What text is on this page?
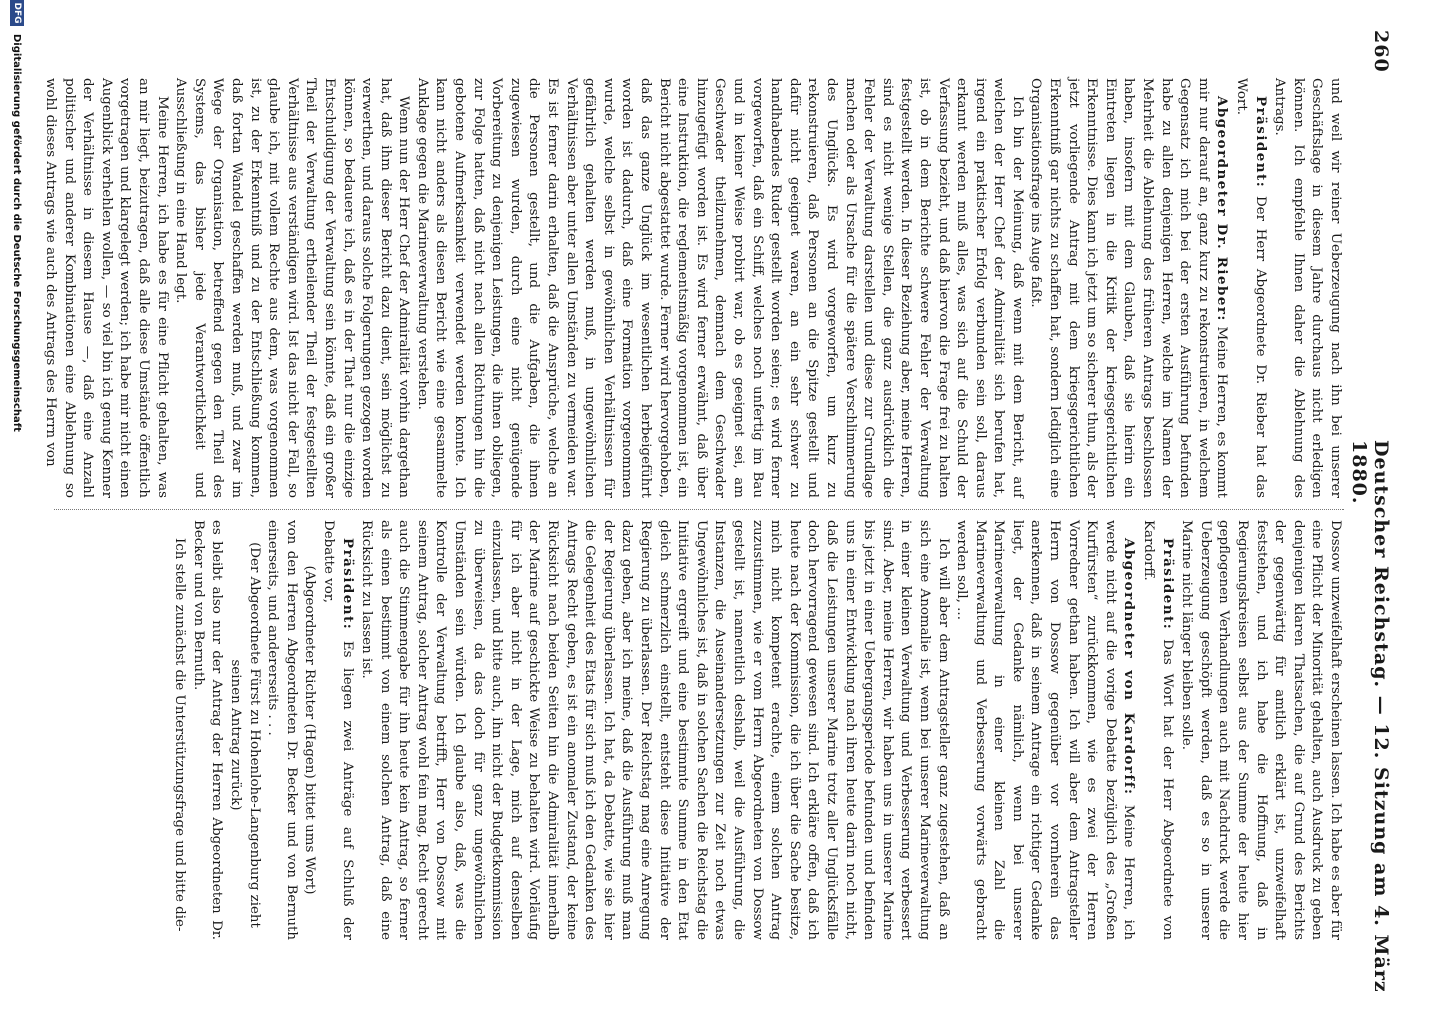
260
Deutscher Reichstag. — 12. Sitzung am 4. März 1880.

und weil wir reiner Ueberzeugung nach ihn bei unserer Geschäftslage in diesem Jahre durchaus nicht erledigen können. Ich empfehle Ihnen daher die Ablehnung des Antrags.

Präsident: Der Herr Abgeordnete Dr. Rieber hat das Wort.

Abgeordneter Dr. Rieber: Meine Herren, es kommt mir nur darauf an, ganz kurz zu rekonstruieren, in welchem Gegensatz ich mich bei der ersten Ausführung befunden habe zu allen denjenigen Herren, welche im Namen der Mehrheit die Ablehnung des früheren Antrags beschlossen haben, insofern mit dem Glauben, daß sie hierin ein Eintreten liegen in die Kritik der kriegsgerichtlichen Erkenntnisse. Dies kann ich jetzt um so sicherer thun, als der jetzt vorliegende Antrag mit dem kriegsgerichtlichen Erkenntniß gar nichts zu schaffen hat, sondern lediglich eine Organisationsfrage ins Auge faßt.

Ich bin der Meinung, daß wenn mit dem Bericht, auf welchen der Herr Chef der Admiralität sich berufen hat, irgend ein praktischer Erfolg verbunden sein soll, daraus erkannt werden muß alles, was sich auf die Schuld der Verfassung bezieht, und daß hiervon die Frage frei zu halten ist, ob in dem Berichte schwere Fehler der Verwaltung festgestellt werden. In dieser Beziehung aber, meine Herren, sind es nicht wenige Stellen, die ganz ausdrücklich die Fehler der Verwaltung darstellen und diese zur Grundlage machen oder als Ursache für die spätere Verschlimmerung des Unglücks. Es wird vorgeworfen, um kurz zu rekonstruieren, daß Personen an die Spitze gestellt und dafür nicht geeignet waren, an ein sehr schwer zu handhabendes Ruder gestellt worden seien; es wird ferner vorgeworfen, daß ein Schiff, welches noch unfertig im Bau und in keiner Weise probirt war, ob es geeignet sei, am Geschwader theilzunehmen, demnach dem Geschwader hinzugefügt worden ist. Es wird ferner erwähnt, daß über eine Instruktion, die reglementsmäßig vorgenommen ist, ein Bericht nicht abgestattet wurde. Ferner wird hervorgehoben, daß das ganze Unglück im wesentlichen herbeigeführt worden ist dadurch, daß eine Formation vorgenommen wurde, welche selbst in gewöhnlichen Verhältnissen für gefährlich gehalten werden muß, in ungewöhnlichen Verhältnissen aber unter allen Umständen zu vermeiden war. Es ist ferner darin erhalten, daß die Ansprüche, welche an die Personen gestellt, und die Aufgaben, die ihnen zugewiesen wurden, durch eine nicht genügende Vorbereitung zu denjenigen Leistungen, die ihnen obliegen, zur Folge hatten, daß nicht nach allen Richtungen hin die gebotene Aufmerksamkeit verwendet werden konnte. Ich kann nicht anders als diesen Bericht wie eine gesammelte Anklage gegen die Marineverwaltung verstehen.

Wenn nun der Herr Chef der Admiralität vorhin dargethan hat, daß ihm dieser Bericht dazu dient, sein möglichst zu verwerthen, und daraus solche Folgerungen gezogen worden können, so bedauere ich, daß es in der That nur die einzige Entschuldigung der Verwaltung sein könnte, daß ein großer Theil der Verwaltung ertheilender Theil der festgestellten Verhältnisse aus verständigen wird. Ist das nicht der Fall, so glaube ich, mit vollem Rechte aus dem, was vorgenommen ist, zu der Erkenntniß und zu der Entschließung kommen, daß fortan Wandel geschaffen werden muß, und zwar im Wege der Organisation, betreffend gegen den Theil des Systems, das bisher jede Verantwortlichkeit und Ausschließung in eine Hand legt.

Meine Herren, ich habe es für eine Pflicht gehalten, was an mir liegt, beizutragen, daß alle diese Umstände öffentlich vorgetragen und klargelegt werden; ich habe mir nicht einen Augenblick verhehlen wollen, — so viel bin ich genug Kenner der Verhältnisse in diesem Hause —, daß eine Anzahl politischer und anderer Kombinationen eine Ablehnung so wohl dieses Antrags wie auch des Antrags des Herrn von

Dossow unzweifelhaft erscheinen lassen. Ich habe es aber für eine Pflicht der Minorität gehalten, auch Ausdruck zu geben denjenigen klaren Thatsachen, die auf Grund des Berichts der gegenwärtig für amtlich erklärt ist, unzweifelhaft feststehen, und ich habe die Hoffnung, daß in Regierungskreisen selbst aus der Summe der heute hier gepflogenen Verhandlungen auch mit Nachdruck werde die Ueberzeugung geschöpft werden, daß es so in unserer Marine nicht länger bleiben solle.

Präsident: Das Wort hat der Herr Abgeordnete von Kardorff.

Abgeordneter von Kardorff: Meine Herren, ich werde nicht auf die vorige Debatte bezüglich des „Großen Kurfürsten“ zurückkommen, wie es zwei der Herren Vorredner gethan haben. Ich will aber dem Antragsteller Herrn von Dossow gegenüber vor vornherein das anerkennen, daß in seinem Antrage ein richtiger Gedanke liegt, der Gedanke nämlich, wenn bei unserer Marineverwaltung in einer kleinen Zahl die Marineverwaltung und Verbesserung vorwärts gebracht werden soll, ...

Ich will aber dem Antragsteller ganz zugestehen, daß an sich eine Anomalie ist, wenn bei unserer Marineverwaltung in einer kleinen Verwaltung und Verbesserung verbessert sind. Aber, meine Herren, wir haben uns in unserer Marine bis jetzt in einer Uebergangsperiode befunden und befinden uns in einer Entwicklung nach ihren heute darin noch nicht, daß die Leistungen unserer Marine trotz aller Unglücksfälle doch hervorragend gewesen sind. Ich erkläre offen, daß ich heute nach der Kommission, die ich über die Sache besitze, mich nicht kompetent erachte, einem solchen Antrag zuzustimmen, wie er vom Herrn Abgeordneten von Dossow gestellt ist, namentlich deshalb, weil die Ausführung, die Instanzen, die Auseinandersetzungen zur Zeit noch etwas Ungewöhnliches ist, daß in solchen Sachen die Reichstag die Initiative ergreift und eine bestimmte Summe in den Etat gleich schmerzlich einstellt, entsteht diese Initiative der Regierung zu überlassen. Der Reichstag mag eine Anregung dazu geben, aber ich meine, daß die Ausführung muß man der Regierung überlassen. Ich hat, da Debatte, wie sie hier die Gelegenheit des Etats für sich muß ich den Gedanken des Antrags Recht geben, es ist ein anomaler Zustand, der keine Rücksicht nach beiden Seiten hin die Admiralität innerhalb der Marine auf geschickte Weise zu behalten wird. Vorläufig für ich aber nicht in der Lage, mich auf denselben einzulassen, und bitte auch, ihn nicht der Budgetkommission zu überweisen, da das doch für ganz ungewöhnlichen Umständen sein würden. Ich glaube also, daß, was die Kontrolle der Verwaltung betrifft, Herr von Dossow mit seinem Antrag, solcher Antrag wohl fein mag, Recht gerecht auch die Stimmengabe für ihn heute kein Antrag, so ferner als einen bestimmt von einem solchen Antrag, daß eine Rücksicht zu lassen ist.

Präsident: Es liegen zwei Anträge auf Schluß der Debatte vor,

(Abgeordneter Richter (Hagen) bittet ums Wort)

von den Herren Abgeordneten Dr. Becker und von Bernuth einerseits, und andererseits . . .

(Der Abgeordnete Fürst zu Hohenlohe-Langenburg zieht seinen Antrag zurück)

es bleibt also nur der Antrag der Herren Abgeordneten Dr. Becker und von Bernuth.

Ich stelle zunächst die Unterstützungsfrage und bitte die-

DFG
Digitalisierung gefördert durch die Deutsche Forschungsgemeinschaft
